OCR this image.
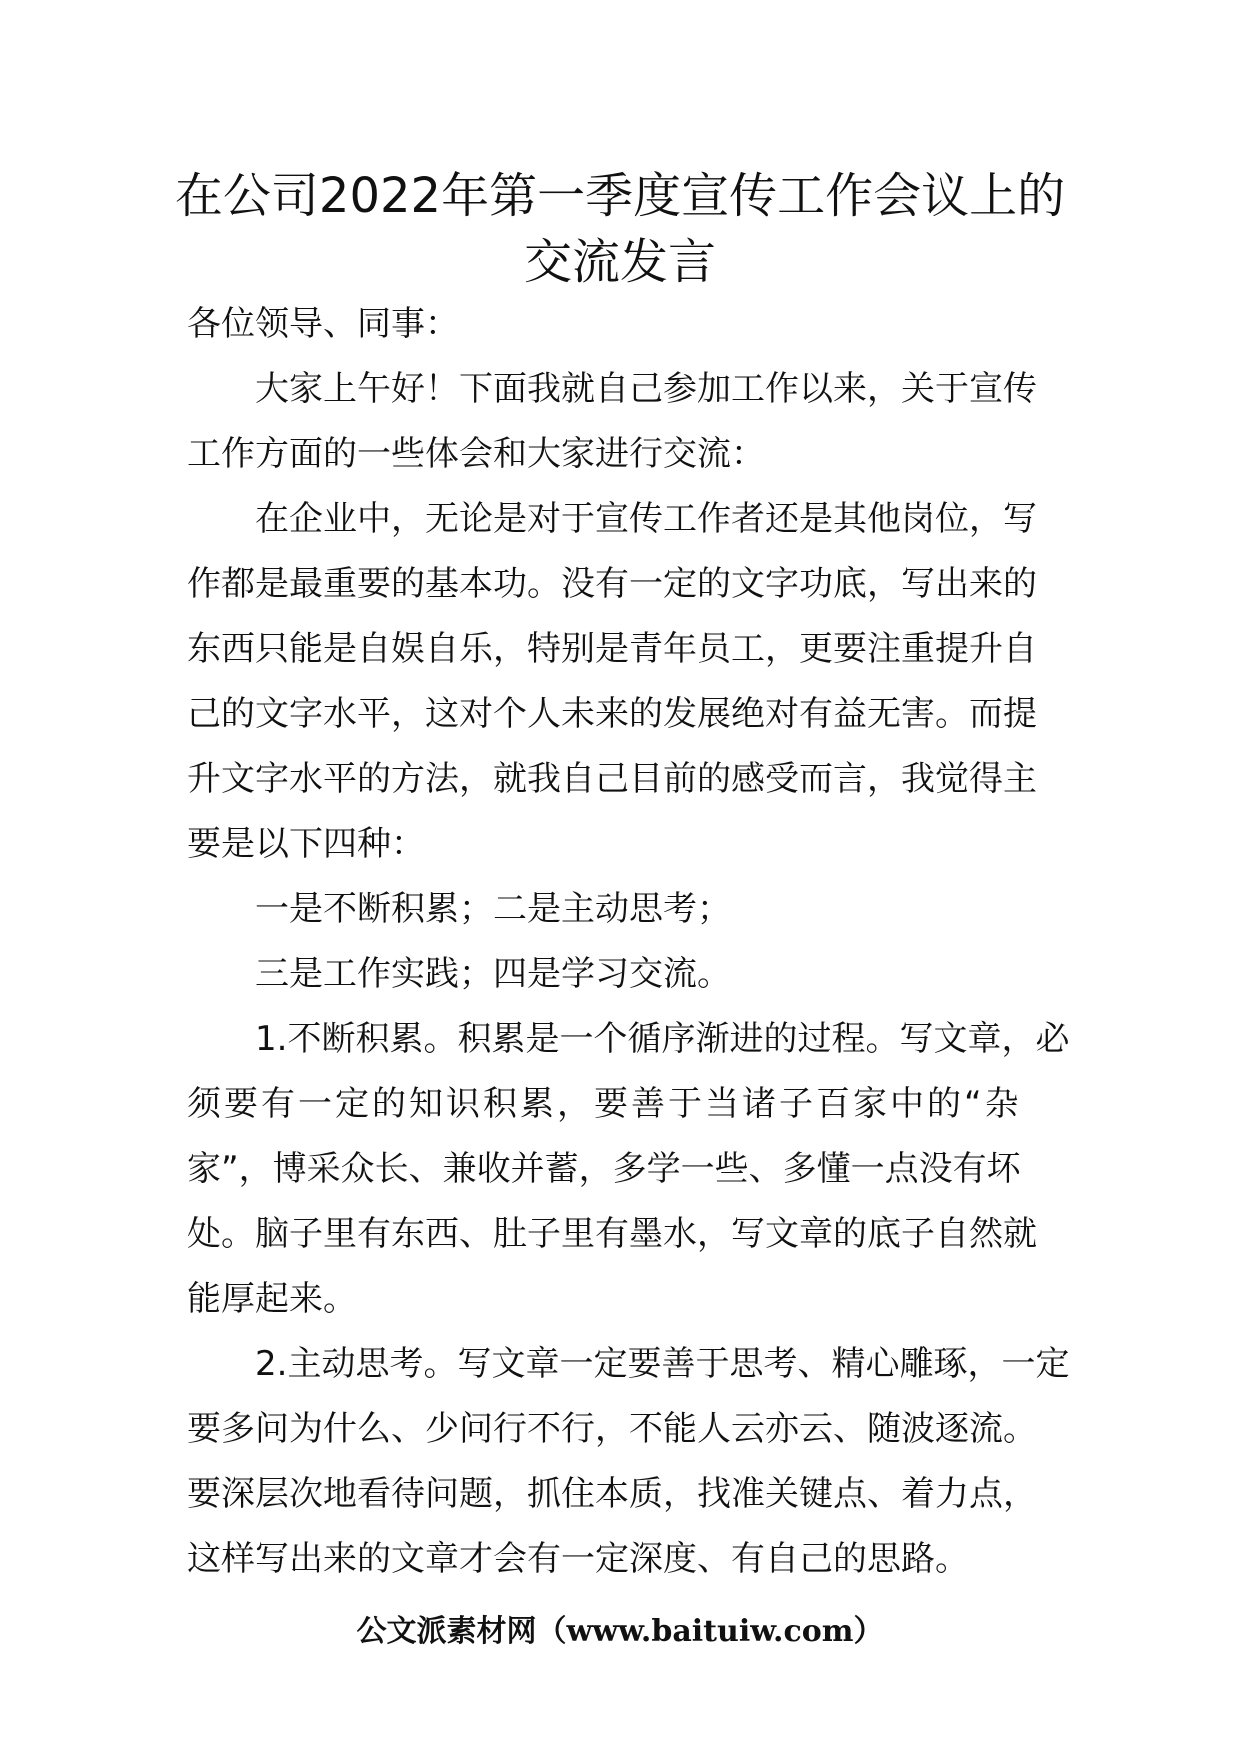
在公司2022年第一季度宣传工作会议上的
交流发言

各位领导、同事：

大家上午好！下面我就自己参加工作以来，关于宣传
工作方面的一些体会和大家进行交流：

在企业中，无论是对于宣传工作者还是其他岗位，写
作都是最重要的基本功。没有一定的文字功底，写出来的
东西只能是自娱自乐，特别是青年员工，更要注重提升自
己的文字水平，这对个人未来的发展绝对有益无害。而提
升文字水平的方法，就我自己目前的感受而言，我觉得主
要是以下四种：

一是不断积累；二是主动思考；

三是工作实践；四是学习交流。

1.不断积累。积累是一个循序渐进的过程。写文章，必
须要有一定的知识积累，要善于当诸子百家中的“杂
家”，博采众长、兼收并蓄，多学一些、多懂一点没有坏
处。脑子里有东西、肚子里有墨水，写文章的底子自然就
能厚起来。

2.主动思考。写文章一定要善于思考、精心雕琢，一定
要多问为什么、少问行不行，不能人云亦云、随波逐流。
要深层次地看待问题，抓住本质，找准关键点、着力点，
这样写出来的文章才会有一定深度、有自己的思路。

公文派素材网（www.baituiw.com）
